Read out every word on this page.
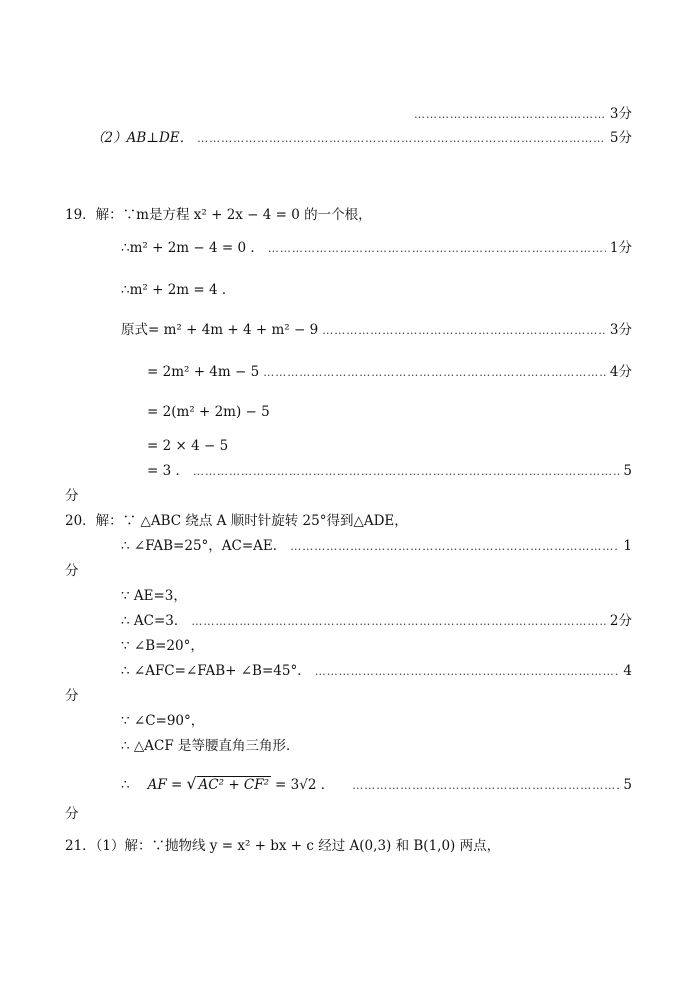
…………………………………………………………………………………………………………………………………………………………………………………………………………………………………
3分
（2）AB⊥DE． …………………………………………………………………………………………………………………………………………………………………………………………………………………………………	5分
19．解：∵m是方程 x² + 2x − 4 = 0 的一个根，
∴m² + 2m − 4 = 0 ． …………………………………………………………………………………………………………………………………………………………………………………………………………………………………	1分
∴m² + 2m = 4 ．
原式= m² + 4m + 4 + m² − 9 …………………………………………………………………………………………………………………………………………………………………………………………………………………………………	3分
= 2m² + 4m − 5 …………………………………………………………………………………………………………………………………………………………………………………………………………………………………	4分
= 2(m² + 2m) − 5
= 2 × 4 − 5
= 3 ． …………………………………………………………………………………………………………………………………………………………………………………………………………………………………	5
分
20．解：∵ △ABC 绕点 A 顺时针旋转 25°得到△ADE，
∴ ∠FAB=25°，AC=AE． …………………………………………………………………………………………………………………………………………………………………………………………………………………………………	1
分
∵ AE=3，
∴ AC=3． …………………………………………………………………………………………………………………………………………………………………………………………………………………………………	2分
∵ ∠B=20°，
∴ ∠AFC=∠FAB+ ∠B=45°． …………………………………………………………………………………………………………………………………………………………………………………………………………………………………	4
分
∵ ∠C=90°，
∴ △ACF 是等腰直角三角形．
∴ AF = √ AC² + CF² = 3√2 ． …………………………………………………………………………………………………………………………………………………………………………………………………………………………………	5
分
21．（1）解：∵抛物线 y = x² + bx + c 经过 A(0,3) 和 B(1,0) 两点，
